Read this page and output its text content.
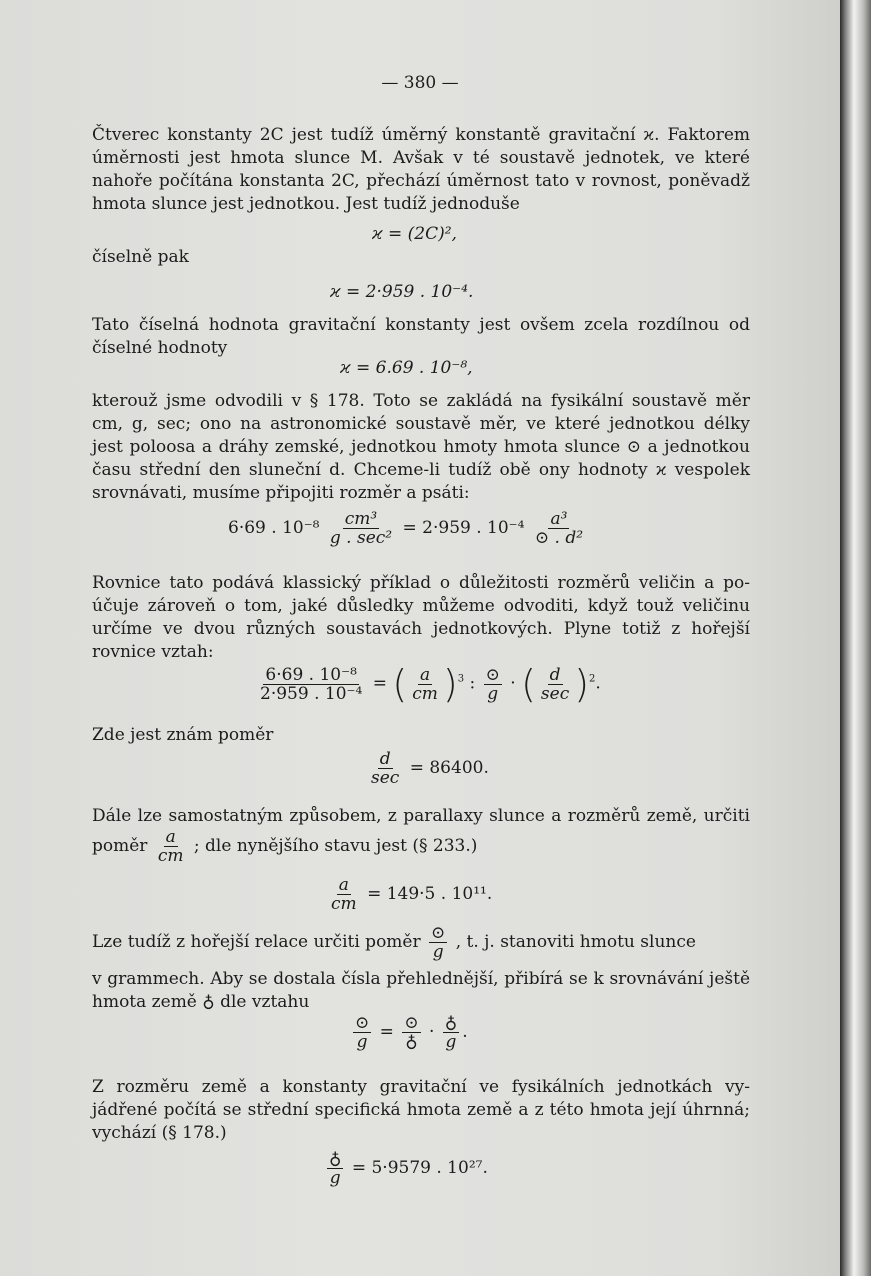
— 380 —
Čtverec konstanty 2C jest tudíž úměrný konstantě gravitační ϰ. Faktorem
úměrnosti jest hmota slunce M. Avšak v té soustavě jednotek, ve které
nahoře počítána konstanta 2C, přechází úměrnost tato v rovnost, poněvadž
hmota slunce jest jednotkou. Jest tudíž jednoduše
ϰ = (2C)²,
číselně pak
ϰ = 2·959 . 10⁻⁴.
Tato číselná hodnota gravitační konstanty jest ovšem zcela rozdílnou od
číselné hodnoty
ϰ = 6.69 . 10⁻⁸,
kterouž jsme odvodili v § 178. Toto se zakládá na fysikální soustavě měr
cm, g, sec; ono na astronomické soustavě měr, ve které jednotkou délky
jest poloosa a dráhy zemské, jednotkou hmoty hmota slunce ⊙ a jednotkou
času střední den sluneční d. Chceme-li tudíž obě ony hodnoty ϰ vespolek
srovnávati, musíme připojiti rozměr a psáti:
6·69 . $10^{-8} \frac{\text{cm³}}{\text{g . sec²}} = 2\cdot 959$ . $10^{-4} \frac{\text{a³}}{\text{⊙ . d²}}$
Rovnice tato podává klassický příklad o důležitosti rozměrů veličin a po-
účuje zároveň o tom, jaké důsledky můžeme odvoditi, když touž veličinu
určíme ve dvou různých soustavách jednotkových. Plyne totiž z hořejší
rovnice vztah:
$\frac{\text{6·69 . 10⁻⁸}}{\text{2·959 . 10⁻⁴}}$ = ( $\frac{a}{cm} )^3$ : $\frac{⊙}{g}$ · ( $\frac{d}{\sec} )^2$.
Zde jest znám poměr
$\frac{d}{\sec} = 86400$.
Dále lze samostatným způsobem, z parallaxy slunce a rozměrů země, určiti
poměr $\frac{a}{cm}$ ; dle nynějšího stavu jest (§ 233.)
$\frac{a}{cm} = 149\cdot 5$ . 10¹¹.
Lze tudíž z hořejší relace určiti poměr $\frac{⊙}{g}$ , t. j. stanoviti hmotu slunce
v grammech. Aby se dostala čísla přehlednější, přibírá se k srovnávání ještě
hmota země ♁ dle vztahu
$\frac{⊙}{g} = \frac{⊙}{♁} \cdot \frac{♁}{g}$ .
Z rozměru země a konstanty gravitační ve fysikálních jednotkách vy-
jádřené počítá se střední specifická hmota země a z této hmota její úhrnná;
vychází (§ 178.)
$\frac{♁}{g} = 5\cdot 9579$ . 10²⁷.
